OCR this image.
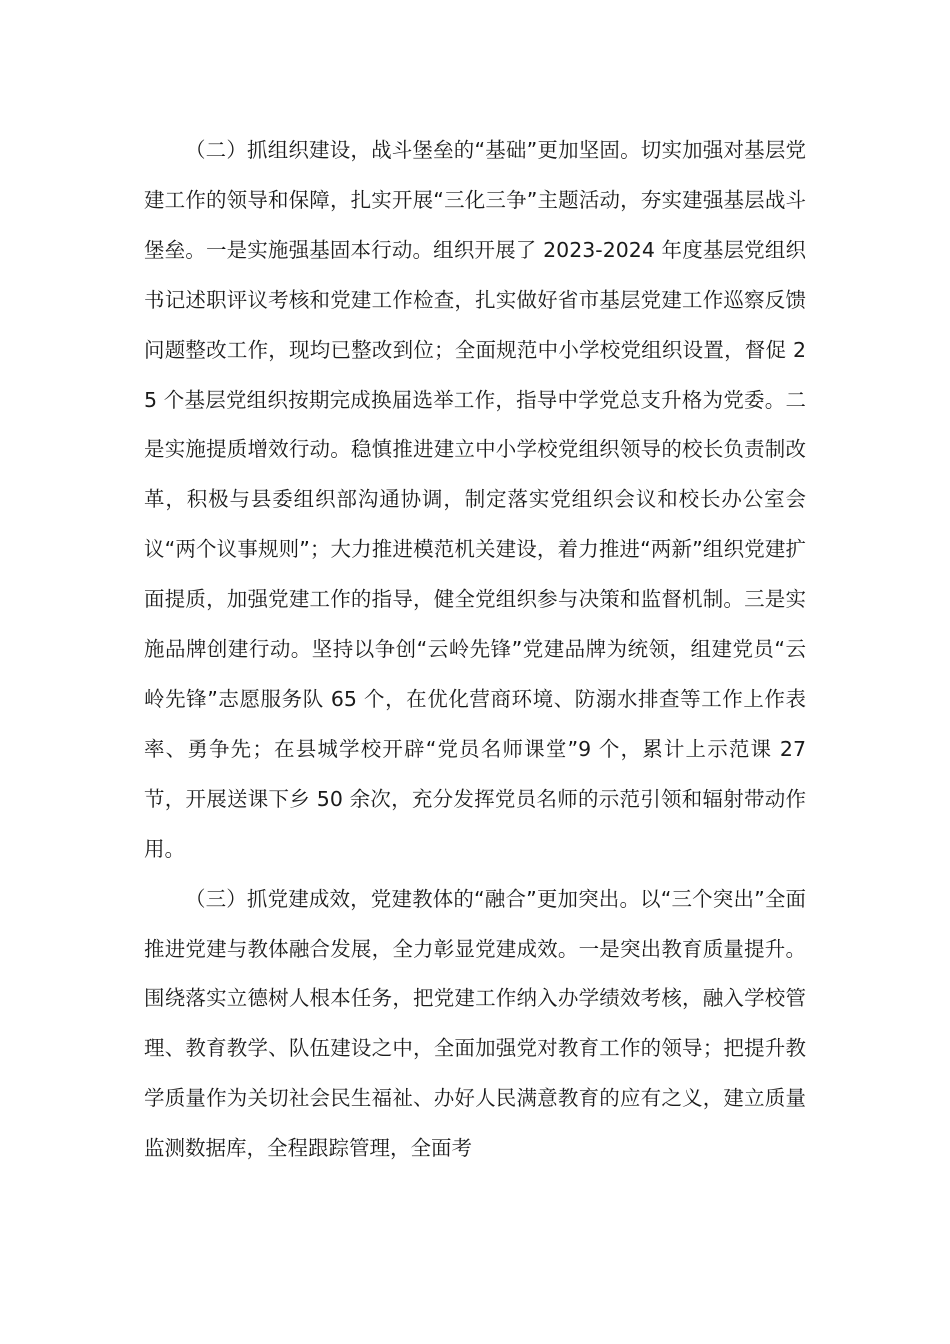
（二）抓组织建设，战斗堡垒的“基础”更加坚固。切实加强对基层党建工作的领导和保障，扎实开展“三化三争”主题活动，夯实建强基层战斗堡垒。一是实施强基固本行动。组织开展了 2023-2024 年度基层党组织书记述职评议考核和党建工作检查，扎实做好省市基层党建工作巡察反馈问题整改工作，现均已整改到位；全面规范中小学校党组织设置，督促 25 个基层党组织按期完成换届选举工作，指导中学党总支升格为党委。二是实施提质增效行动。稳慎推进建立中小学校党组织领导的校长负责制改革，积极与县委组织部沟通协调，制定落实党组织会议和校长办公室会议“两个议事规则”；大力推进模范机关建设，着力推进“两新”组织党建扩面提质，加强党建工作的指导，健全党组织参与决策和监督机制。三是实施品牌创建行动。坚持以争创“云岭先锋”党建品牌为统领，组建党员“云岭先锋”志愿服务队 65 个，在优化营商环境、防溺水排查等工作上作表率、勇争先；在县城学校开辟“党员名师课堂”9 个，累计上示范课 27 节，开展送课下乡 50 余次，充分发挥党员名师的示范引领和辐射带动作用。

（三）抓党建成效，党建教体的“融合”更加突出。以“三个突出”全面推进党建与教体融合发展，全力彰显党建成效。一是突出教育质量提升。围绕落实立德树人根本任务，把党建工作纳入办学绩效考核，融入学校管理、教育教学、队伍建设之中，全面加强党对教育工作的领导；把提升教学质量作为关切社会民生福祉、办好人民满意教育的应有之义，建立质量监测数据库，全程跟踪管理，全面考
